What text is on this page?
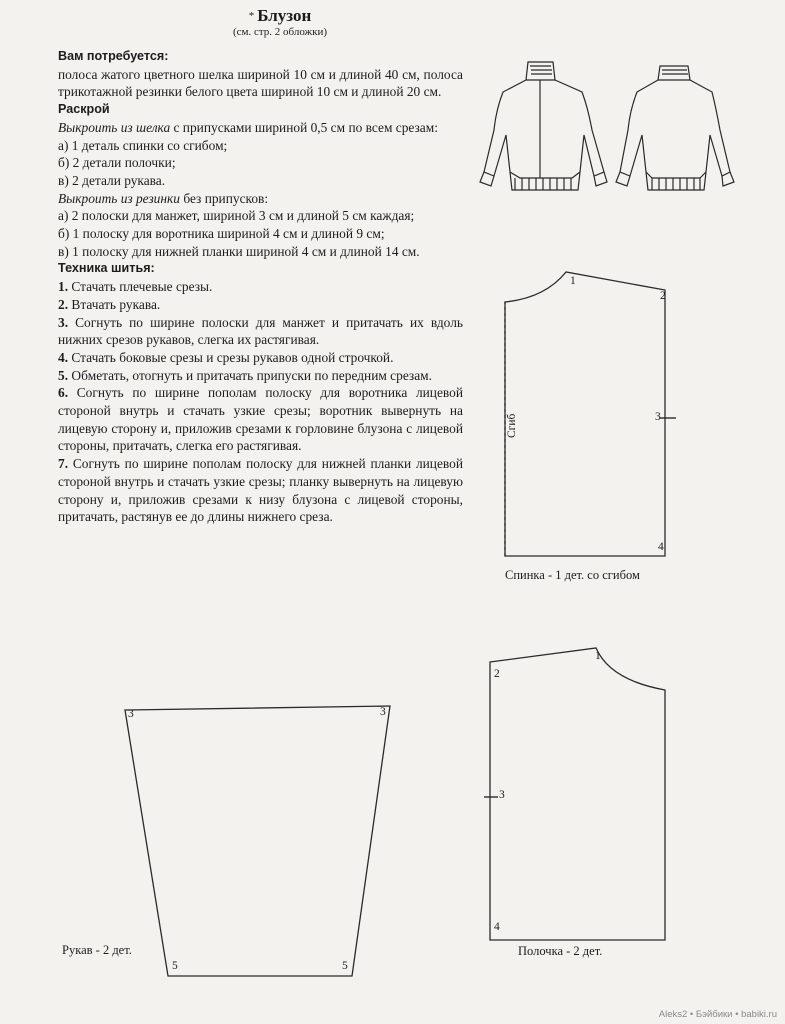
* Блузон
(см. стр. 2 обложки)

Вам потребуется:

полоса жатого цветного шелка шириной 10 см и длиной 40 см, полоса трикотажной резинки белого цвета шириной 10 см и длиной 20 см.

Раскрой

Выкроить из шелка с припусками шириной 0,5 см по всем срезам:

а) 1 деталь спинки со сгибом;

б) 2 детали полочки;

в) 2 детали рукава.

Выкроить из резинки без припусков:

а) 2 полоски для манжет, шириной 3 см и длиной 5 см каждая;

б) 1 полоску для воротника шириной 4 см и длиной 9 см;

в) 1 полоску для нижней планки шириной 4 см и длиной 14 см.

Техника шитья:

1. Стачать плечевые срезы.

2. Втачать рукава.

3. Согнуть по ширине полоски для манжет и притачать их вдоль нижних срезов рукавов, слегка их растягивая.

4. Стачать боковые срезы и срезы рукавов одной строчкой.

5. Обметать, отогнуть и притачать припуски по передним срезам.

6. Согнуть по ширине пополам полоску для воротника лицевой стороной внутрь и стачать узкие срезы; воротник вывернуть на лицевую сторону и, приложив срезами к горловине блузона с лицевой стороны, притачать, слегка его растягивая.

7. Согнуть по ширине пополам полоску для нижней планки лицевой стороной внутрь и стачать узкие срезы; планку вывернуть на лицевую сторону и, приложив срезами к низу блузона с лицевой стороны, притачать, растянув ее до длины нижнего среза.

1
2
3
4
Сгиб
Спинка - 1 дет. со сгибом
1
2
3
4
Полочка - 2 дет.
3	3
5	5
Рукав - 2 дет.
Aleks2 • Бэйбики • babiki.ru
